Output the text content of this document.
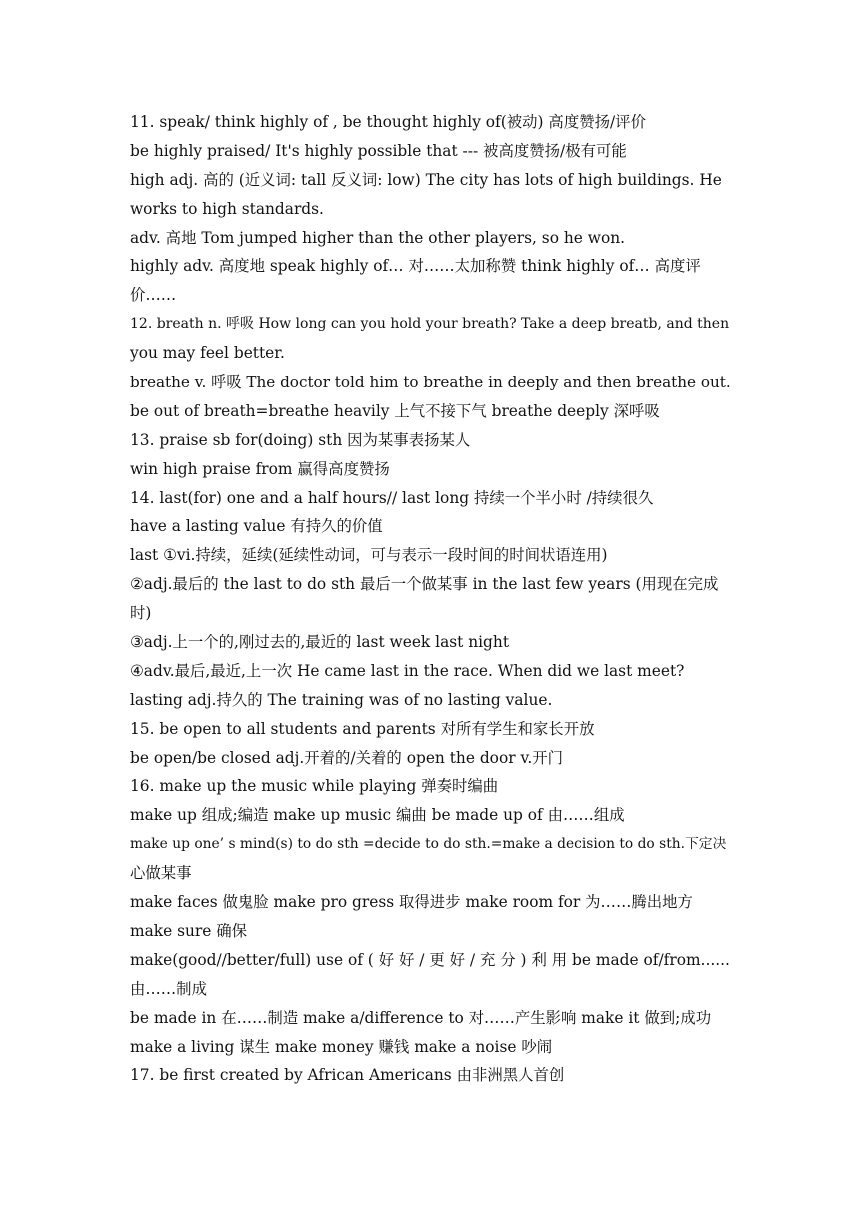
11. speak/ think highly of , be thought highly of(被动) 高度赞扬/评价
be highly praised/ It's highly possible that --- 被高度赞扬/极有可能
high adj. 高的 (近义词: tall 反义词: low) The city has lots of high buildings. He
works to high standards.
adv. 高地 Tom jumped higher than the other players, so he won.
highly adv. 高度地 speak highly of… 对……太加称赞 think highly of… 高度评
价……
12. breath n. 呼吸 How long can you hold your breath? Take a deep breatb, and then
you may feel better.
breathe v. 呼吸 The doctor told him to breathe in deeply and then breathe out.
be out of breath=breathe heavily 上气不接下气 breathe deeply 深呼吸
13. praise sb for(doing) sth 因为某事表扬某人
win high praise from 赢得高度赞扬
14. last(for) one and a half hours// last long 持续一个半小时 /持续很久
have a lasting value 有持久的价值
last ①vi.持续，延续(延续性动词，可与表示一段时间的时间状语连用)
②adj.最后的 the last to do sth 最后一个做某事 in the last few years (用现在完成
时)
③adj.上一个的,刚过去的,最近的 last week last night
④adv.最后,最近,上一次 He came last in the race. When did we last meet?
lasting adj.持久的 The training was of no lasting value.
15. be open to all students and parents 对所有学生和家长开放
be open/be closed adj.开着的/关着的 open the door v.开门
16. make up the music while playing 弹奏时编曲
make up 组成;编造 make up music 编曲 be made up of 由……组成
make up one’ s mind(s) to do sth =decide to do sth.=make a decision to do sth.下定决
心做某事
make faces 做鬼脸 make pro gress 取得进步 make room for 为……腾出地方
make sure 确保
make(good//better/full) use of ( 好 好 / 更 好 / 充 分 ) 利 用 be made of/from......
由……制成
be made in 在……制造 make a/difference to 对……产生影响 make it 做到;成功
make a living 谋生 make money 赚钱 make a noise 吵闹
17. be first created by African Americans 由非洲黑人首创
